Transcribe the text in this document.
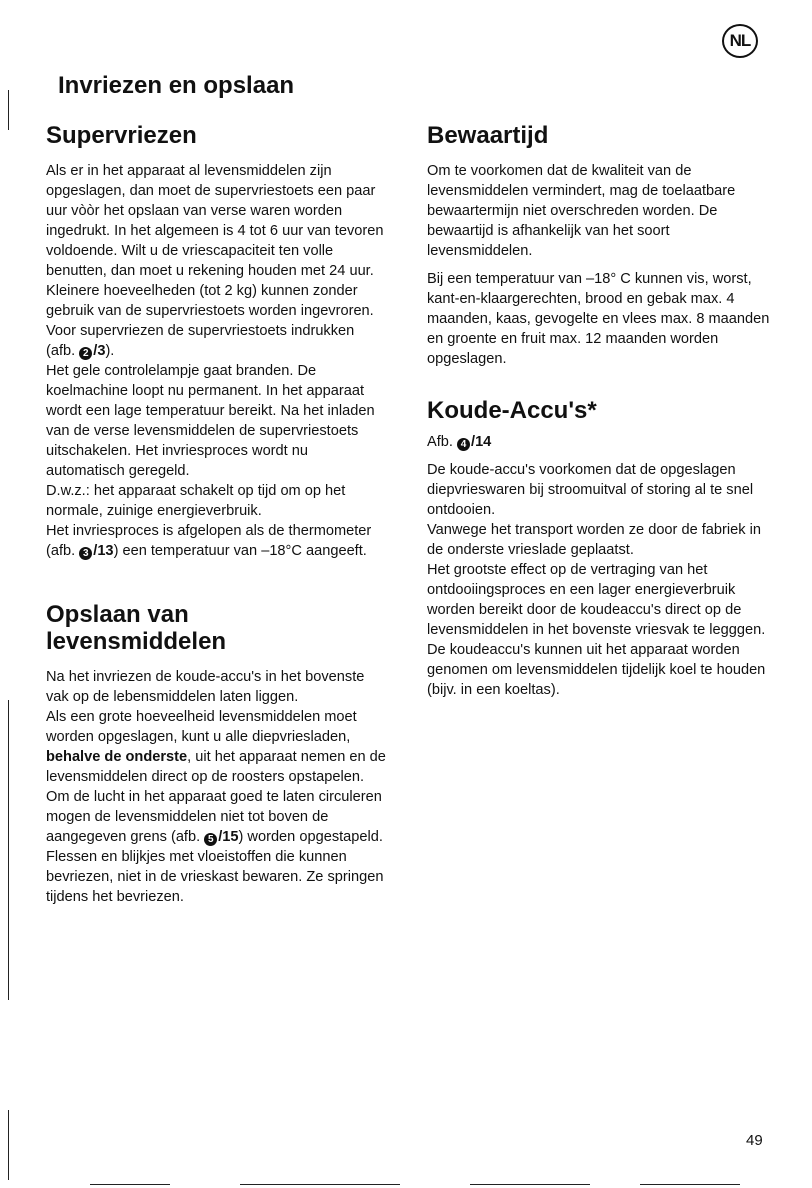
NL
Invriezen en opslaan
Supervriezen

Als er in het apparaat al levensmiddelen zijn opgeslagen, dan moet de supervriestoets een paar uur vòòr het opslaan van verse waren worden ingedrukt. In het algemeen is 4 tot 6 uur van tevoren voldoende. Wilt u de vriescapaciteit ten volle benutten, dan moet u rekening houden met 24 uur. Kleinere hoeveelheden (tot 2 kg) kunnen zonder gebruik van de supervriestoets worden ingevroren.

Voor supervriezen de supervriestoets indrukken (afb. 2 /3).

Het gele controlelampje gaat branden. De koelmachine loopt nu permanent. In het apparaat wordt een lage temperatuur bereikt. Na het inladen van de verse levensmiddelen de supervriestoets uitschakelen. Het invriesproces wordt nu automatisch geregeld.

D.w.z.: het apparaat schakelt op tijd om op het normale, zuinige energieverbruik.

Het invriesproces is afgelopen als de thermometer (afb. 3 /13) een temperatuur van –18°C aangeeft.

Opslaan van
levensmiddelen

Na het invriezen de koude-accu's in het bovenste vak op de lebensmiddelen laten liggen.

Als een grote hoeveelheid levensmiddelen moet worden opgeslagen, kunt u alle diepvriesladen, behalve de onderste, uit het apparaat nemen en de levensmiddelen direct op de roosters opstapelen.

Om de lucht in het apparaat goed te laten circuleren mogen de levensmiddelen niet tot boven de aangegeven grens (afb. 5 /15) worden opgestapeld.

Flessen en blijkjes met vloeistoffen die kunnen bevriezen, niet in de vrieskast bewaren. Ze springen tijdens het bevriezen.

Bewaartijd

Om te voorkomen dat de kwaliteit van de levensmiddelen vermindert, mag de toelaatbare bewaartermijn niet overschreden worden. De bewaartijd is afhankelijk van het soort levensmiddelen.

Bij een temperatuur van –18° C kunnen vis, worst, kant-en-klaargerechten, brood en gebak max. 4 maanden, kaas, gevogelte en vlees max. 8 maanden en groente en fruit max. 12 maanden worden opgeslagen.

Koude-Accu's*

Afb. 4 /14

De koude-accu's voorkomen dat de opgeslagen diepvrieswaren bij stroomuitval of storing al te snel ontdooien.

Vanwege het transport worden ze door de fabriek in de onderste vrieslade geplaatst.

Het grootste effect op de vertraging van het ontdooiingsproces en een lager energieverbruik worden bereikt door de koudeaccu's direct op de levensmiddelen in het bovenste vriesvak te legggen. De koudeaccu's kunnen uit het apparaat worden genomen om levensmiddelen tijdelijk koel te houden (bijv. in een koeltas).

49
